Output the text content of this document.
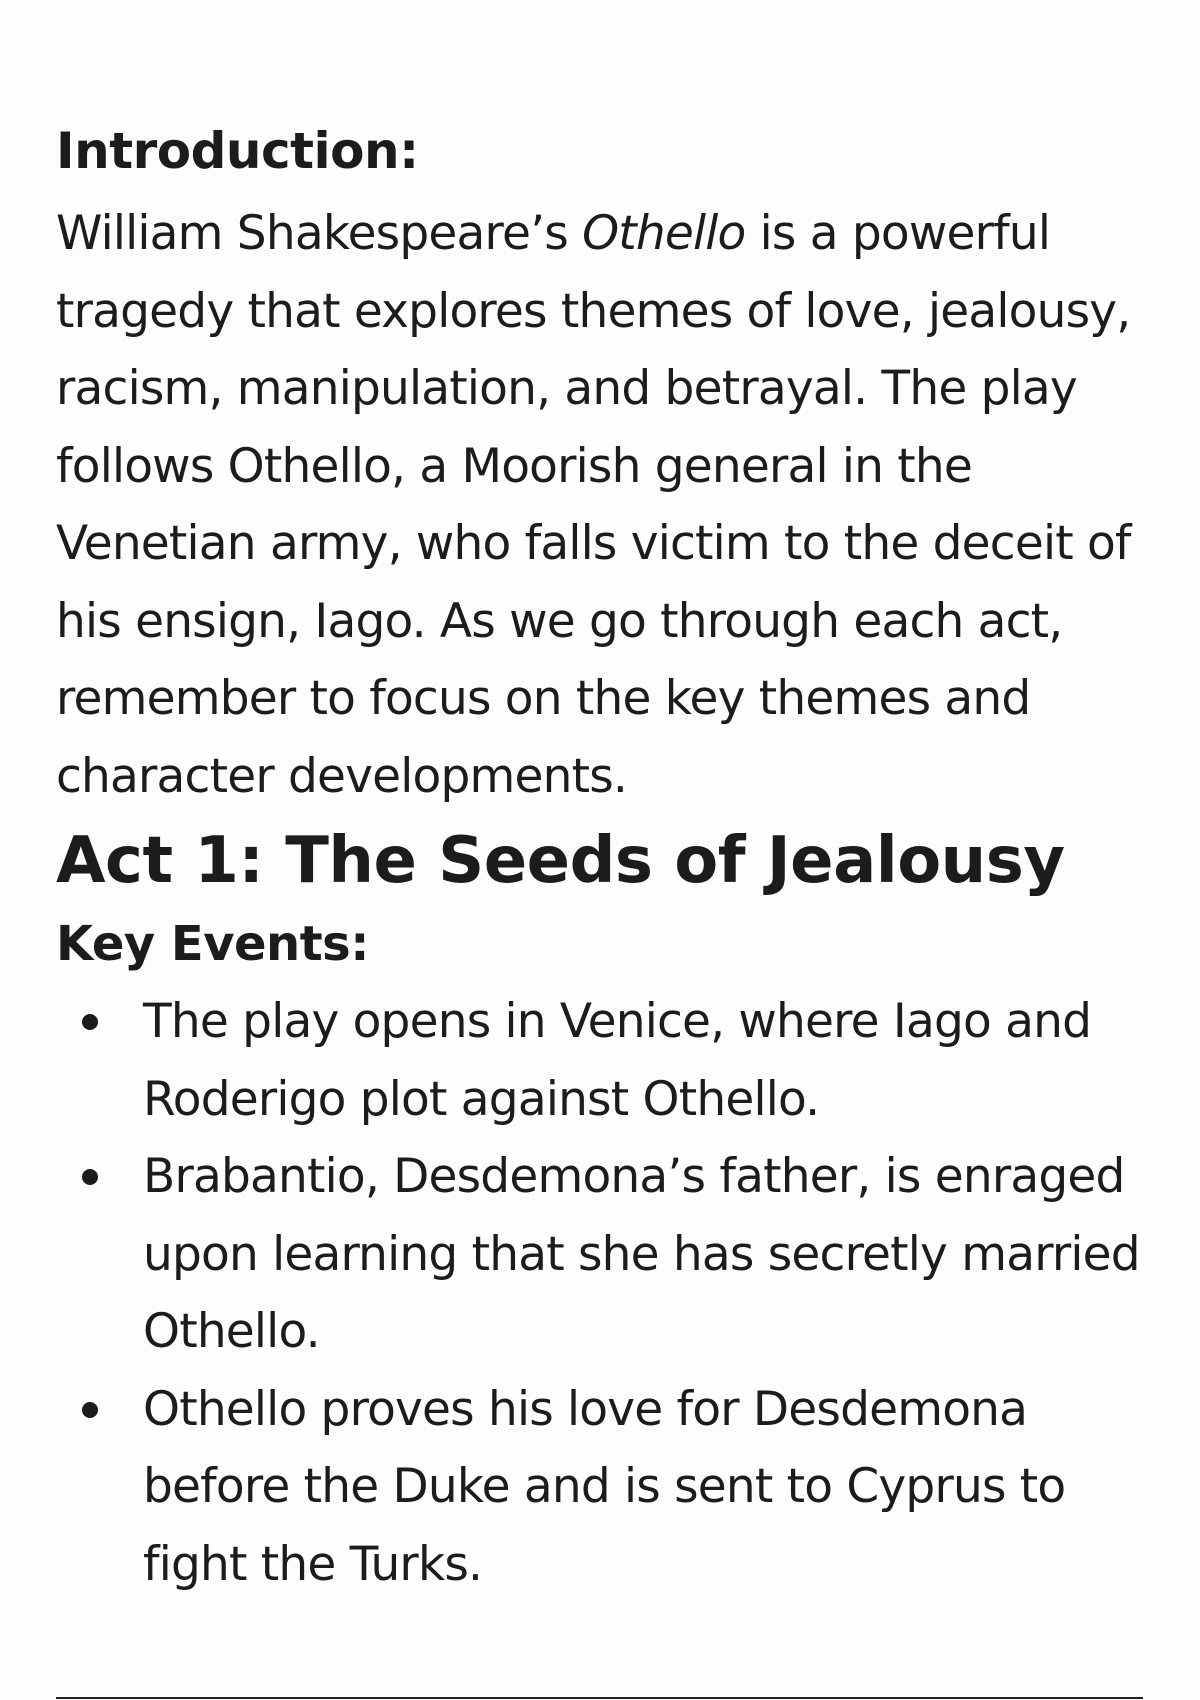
Introduction:

William Shakespeare’s Othello is a powerful tragedy that explores themes of love, jealousy, racism, manipulation, and betrayal. The play follows Othello, a Moorish general in the Venetian army, who falls victim to the deceit of his ensign, Iago. As we go through each act, remember to focus on the key themes and character developments.

Act 1: The Seeds of Jealousy
Key Events:
The play opens in Venice, where Iago and Roderigo plot against Othello.
Brabantio, Desdemona’s father, is enraged upon learning that she has secretly married Othello.
Othello proves his love for Desdemona before the Duke and is sent to Cyprus to fight the Turks.
